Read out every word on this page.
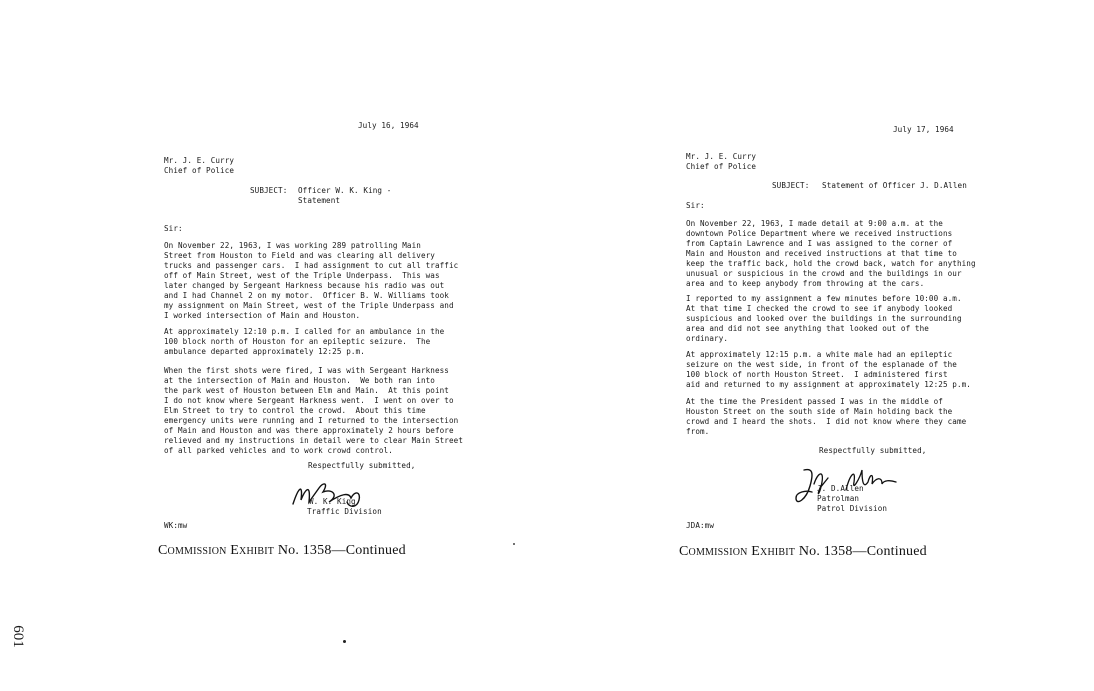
July 16, 1964
Mr. J. E. Curry
Chief of Police
SUBJECT: Officer W. K. King -
Statement
Sir:
On November 22, 1963, I was working 289 patrolling Main
Street from Houston to Field and was clearing all delivery
trucks and passenger cars.  I had assignment to cut all traffic
off of Main Street, west of the Triple Underpass.  This was
later changed by Sergeant Harkness because his radio was out
and I had Channel 2 on my motor.  Officer B. W. Williams took
my assignment on Main Street, west of the Triple Underpass and
I worked intersection of Main and Houston.
At approximately 12:10 p.m. I called for an ambulance in the
100 block north of Houston for an epileptic seizure.  The
ambulance departed approximately 12:25 p.m.
When the first shots were fired, I was with Sergeant Harkness
at the intersection of Main and Houston.  We both ran into
the park west of Houston between Elm and Main.  At this point
I do not know where Sergeant Harkness went.  I went on over to
Elm Street to try to control the crowd.  About this time
emergency units were running and I returned to the intersection
of Main and Houston and was there approximately 2 hours before
relieved and my instructions in detail were to clear Main Street
of all parked vehicles and to work crowd control.
Respectfully submitted,
W. K. King
Traffic Division
WK:mw
Commission Exhibit No. 1358—Continued
July 17, 1964
Mr. J. E. Curry
Chief of Police
SUBJECT: Statement of Officer J. D.Allen
Sir:
On November 22, 1963, I made detail at 9:00 a.m. at the
downtown Police Department where we received instructions
from Captain Lawrence and I was assigned to the corner of
Main and Houston and received instructions at that time to
keep the traffic back, hold the crowd back, watch for anything
unusual or suspicious in the crowd and the buildings in our
area and to keep anybody from throwing at the cars.
I reported to my assignment a few minutes before 10:00 a.m.
At that time I checked the crowd to see if anybody looked
suspicious and looked over the buildings in the surrounding
area and did not see anything that looked out of the
ordinary.
At approximately 12:15 p.m. a white male had an epileptic
seizure on the west side, in front of the esplanade of the
100 block of north Houston Street.  I administered first
aid and returned to my assignment at approximately 12:25 p.m.
At the time the President passed I was in the middle of
Houston Street on the south side of Main holding back the
crowd and I heard the shots.  I did not know where they came
from.
Respectfully submitted,
J. D.Allen
Patrolman
Patrol Division
JDA:mw
Commission Exhibit No. 1358—Continued
601
